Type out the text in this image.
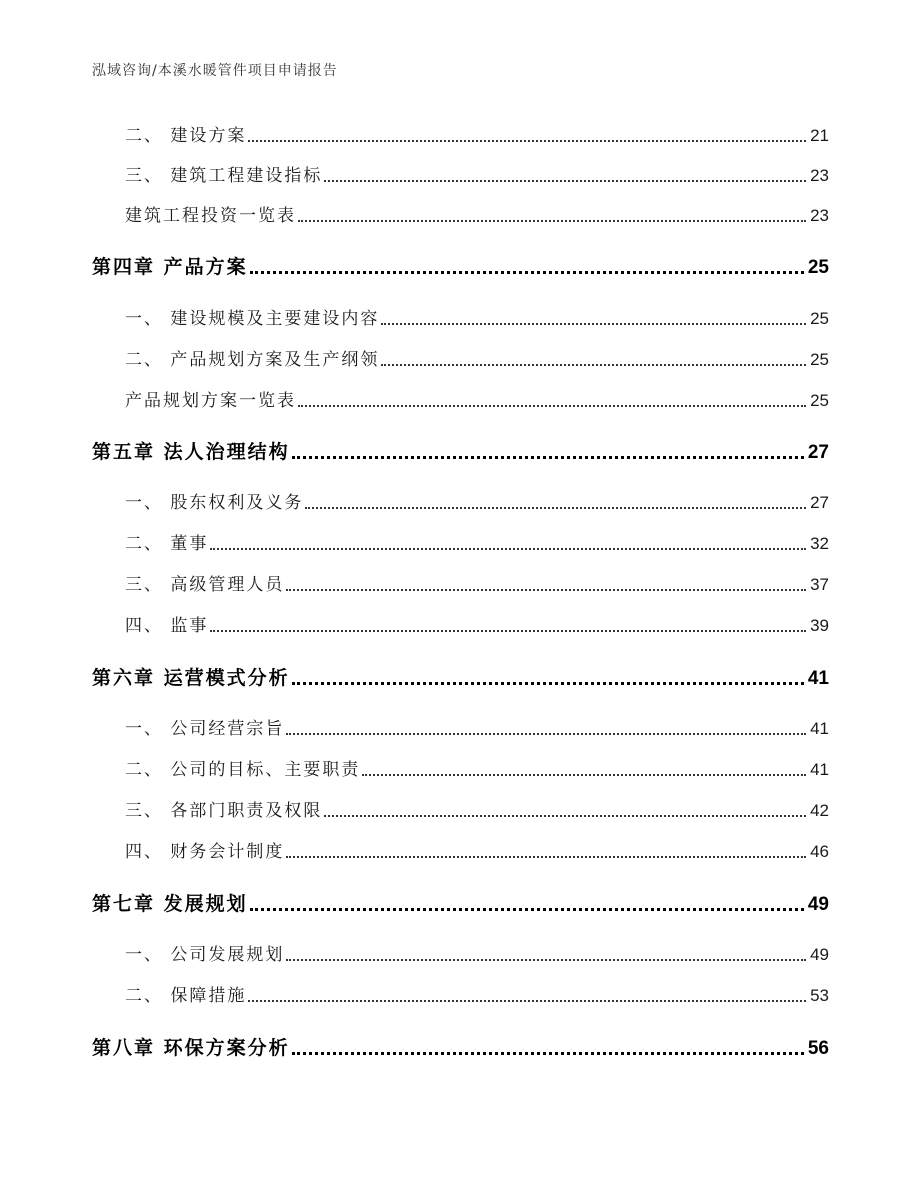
泓域咨询/本溪水暖管件项目申请报告
二、 建设方案	21
三、 建筑工程建设指标	23
建筑工程投资一览表	23
第四章 产品方案	25
一、 建设规模及主要建设内容	25
二、 产品规划方案及生产纲领	25
产品规划方案一览表	25
第五章 法人治理结构	27
一、 股东权利及义务	27
二、 董事	32
三、 高级管理人员	37
四、 监事	39
第六章 运营模式分析	41
一、 公司经营宗旨	41
二、 公司的目标、主要职责	41
三、 各部门职责及权限	42
四、 财务会计制度	46
第七章 发展规划	49
一、 公司发展规划	49
二、 保障措施	53
第八章 环保方案分析	56
